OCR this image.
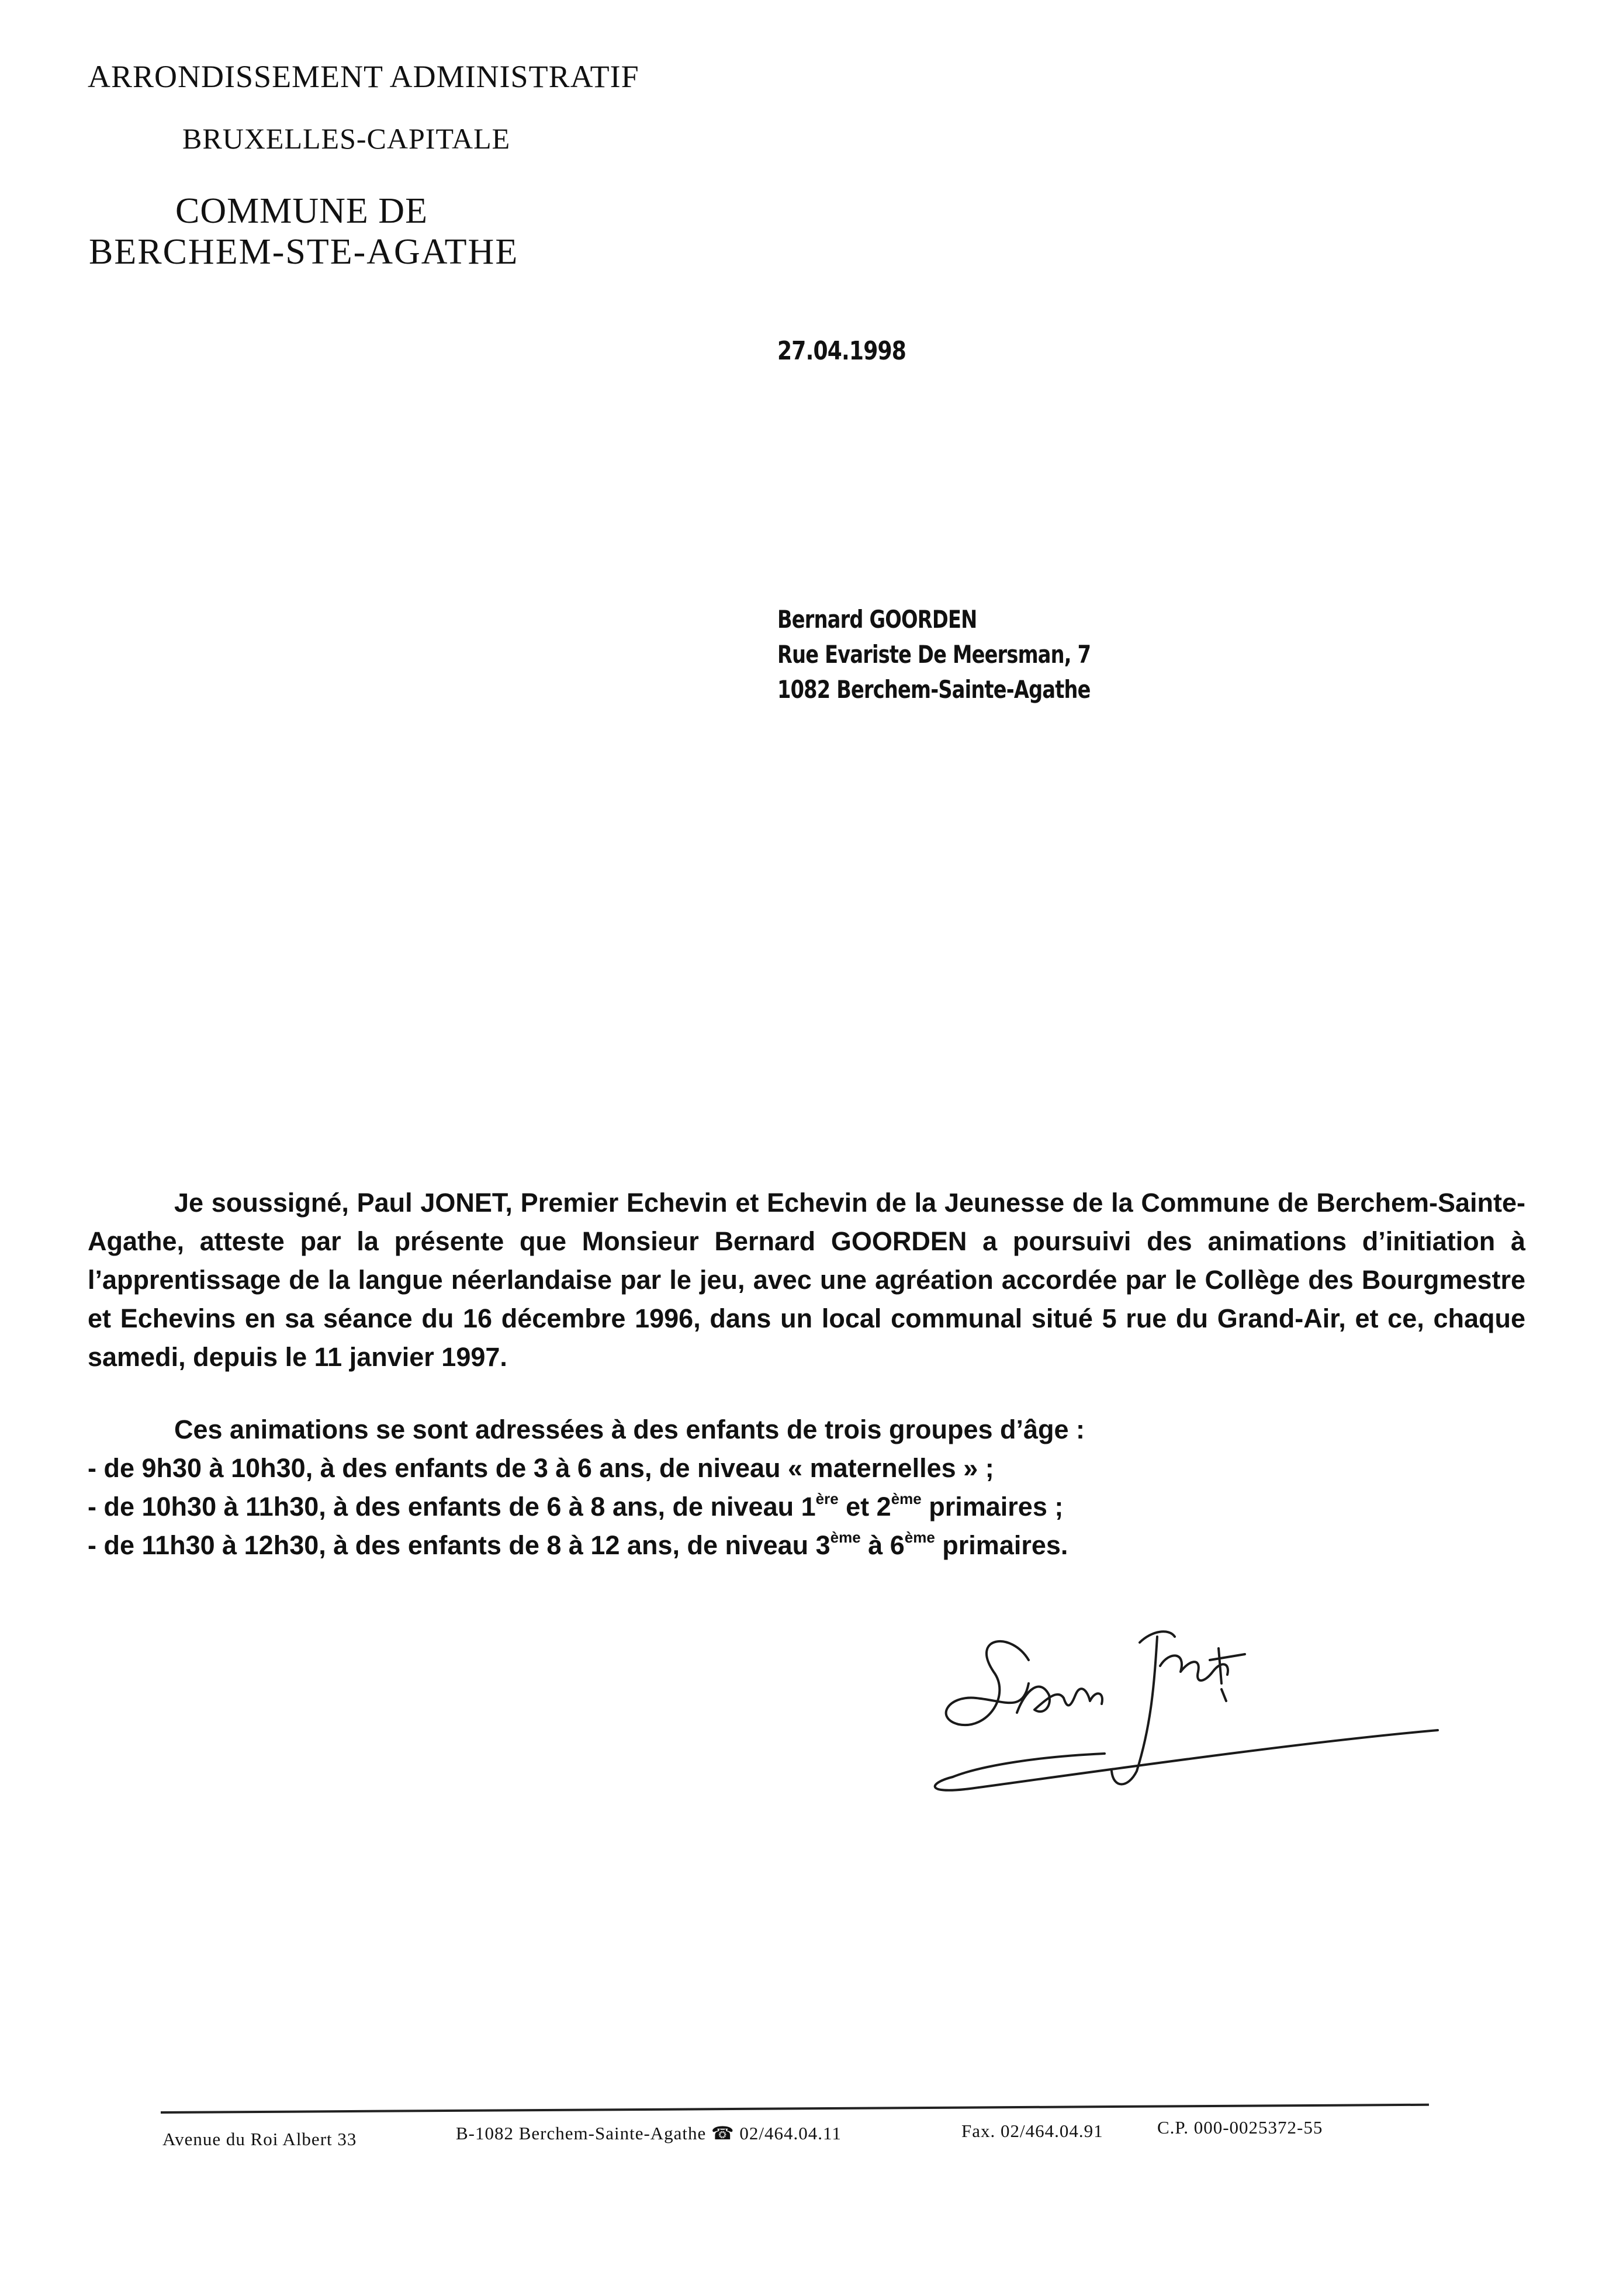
ARRONDISSEMENT ADMINISTRATIF
BRUXELLES-CAPITALE
COMMUNE DE
BERCHEM-STE-AGATHE
27.04.1998
Bernard GOORDEN
Rue Evariste De Meersman, 7
1082 Berchem-Sainte-Agathe
Je soussigné, Paul JONET, Premier Echevin et Echevin de la Jeunesse de la Commune de Berchem-Sainte-Agathe, atteste par la présente que Monsieur Bernard GOORDEN a poursuivi des animations d’initiation à l’apprentissage de la langue néerlandaise par le jeu, avec une agréation accordée par le Collège des Bourgmestre et Echevins en sa séance du 16 décembre 1996, dans un local communal situé 5 rue du Grand-Air, et ce, chaque samedi, depuis le 11 janvier 1997.
Ces animations se sont adressées à des enfants de trois groupes d’âge :
- de 9h30 à 10h30, à des enfants de 3 à 6 ans, de niveau « maternelles » ;
- de 10h30 à 11h30, à des enfants de 6 à 8 ans, de niveau 1ère et 2ème primaires ;
- de 11h30 à 12h30, à des enfants de 8 à 12 ans, de niveau 3ème à 6ème primaires.
Avenue du Roi Albert 33	B-1082 Berchem-Sainte-Agathe ☎ 02/464.04.11	Fax. 02/464.04.91	C.P. 000-0025372-55
